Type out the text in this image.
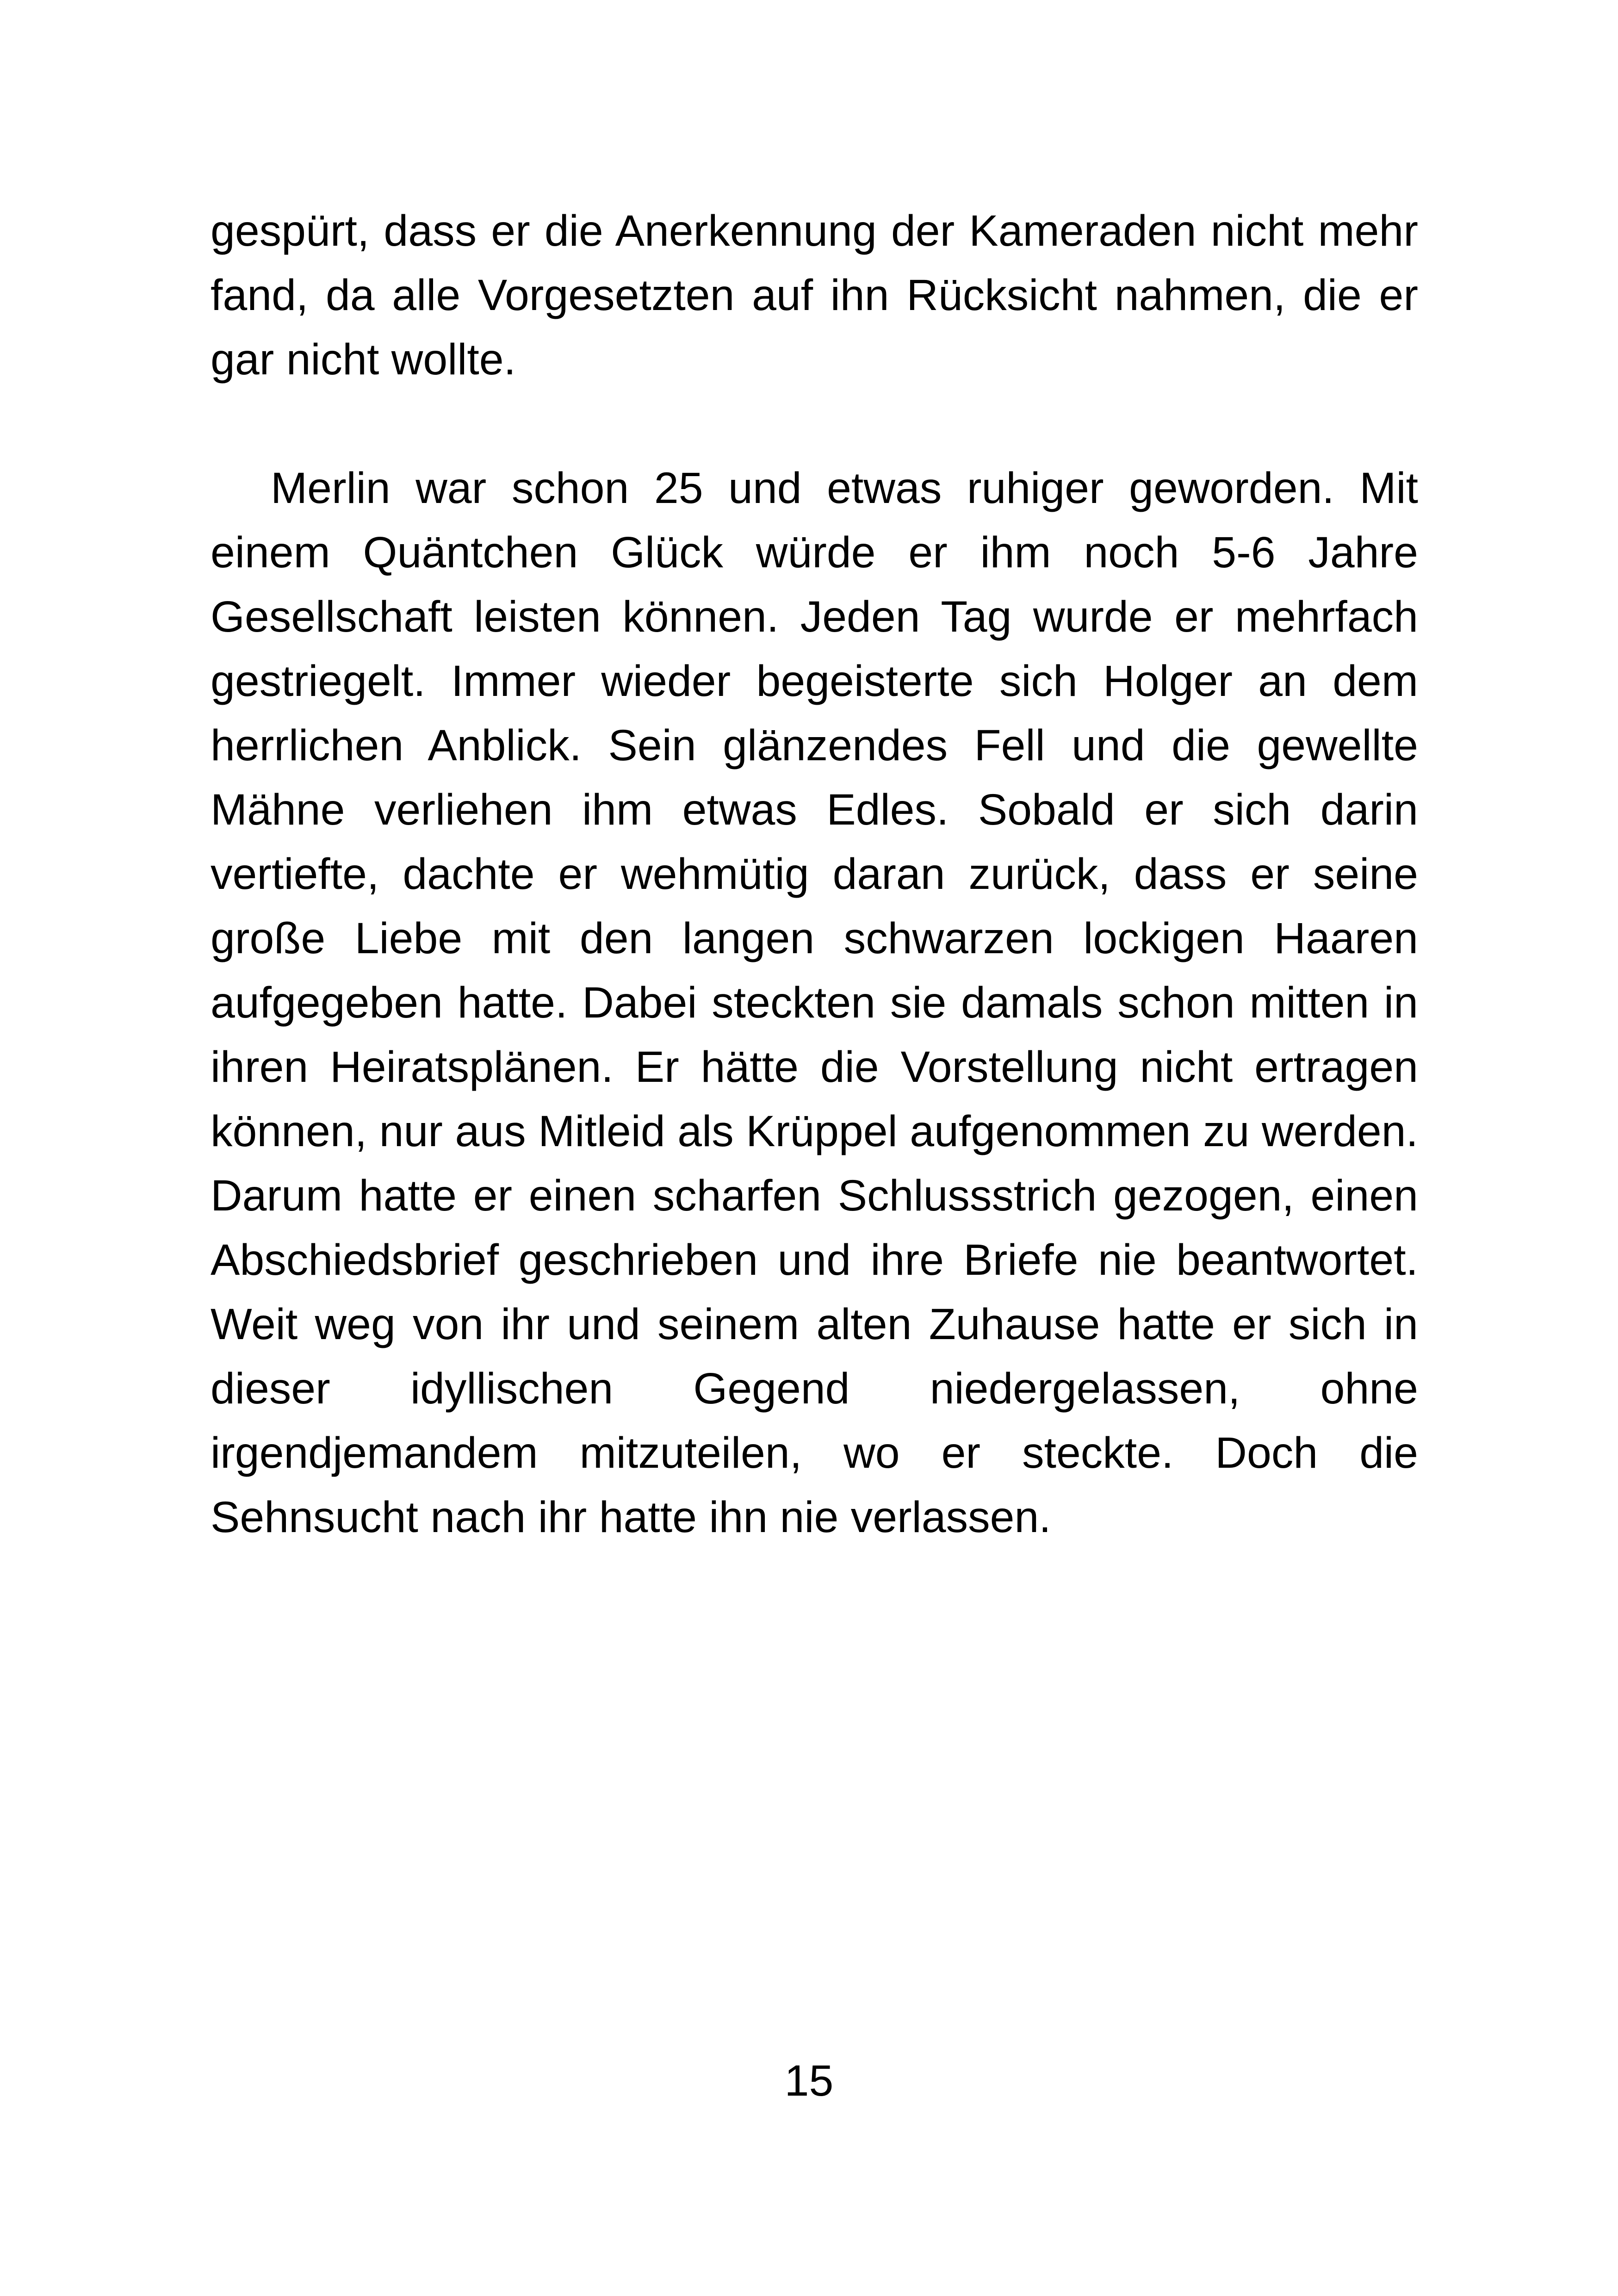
gespürt, dass er die Anerkennung der Kameraden nicht mehr fand, da alle Vorgesetzten auf ihn Rücksicht nahmen, die er gar nicht wollte.

Merlin war schon 25 und etwas ruhiger geworden. Mit einem Quäntchen Glück würde er ihm noch 5-6 Jahre Gesellschaft leisten können. Jeden Tag wurde er mehrfach gestriegelt. Immer wieder begeisterte sich Holger an dem herrlichen Anblick. Sein glänzendes Fell und die gewellte Mähne verliehen ihm etwas Edles. Sobald er sich darin vertiefte, dachte er wehmütig daran zurück, dass er seine große Liebe mit den langen schwarzen lockigen Haaren aufgegeben hatte. Dabei steckten sie damals schon mitten in ihren Heiratsplänen. Er hätte die Vorstellung nicht ertragen können, nur aus Mitleid als Krüppel aufgenommen zu werden. Darum hatte er einen scharfen Schlussstrich gezogen, einen Abschiedsbrief geschrieben und ihre Briefe nie beantwortet. Weit weg von ihr und seinem alten Zuhause hatte er sich in dieser idyllischen Gegend niedergelassen, ohne irgendjemandem mitzuteilen, wo er steckte. Doch die Sehnsucht nach ihr hatte ihn nie verlassen.

15
